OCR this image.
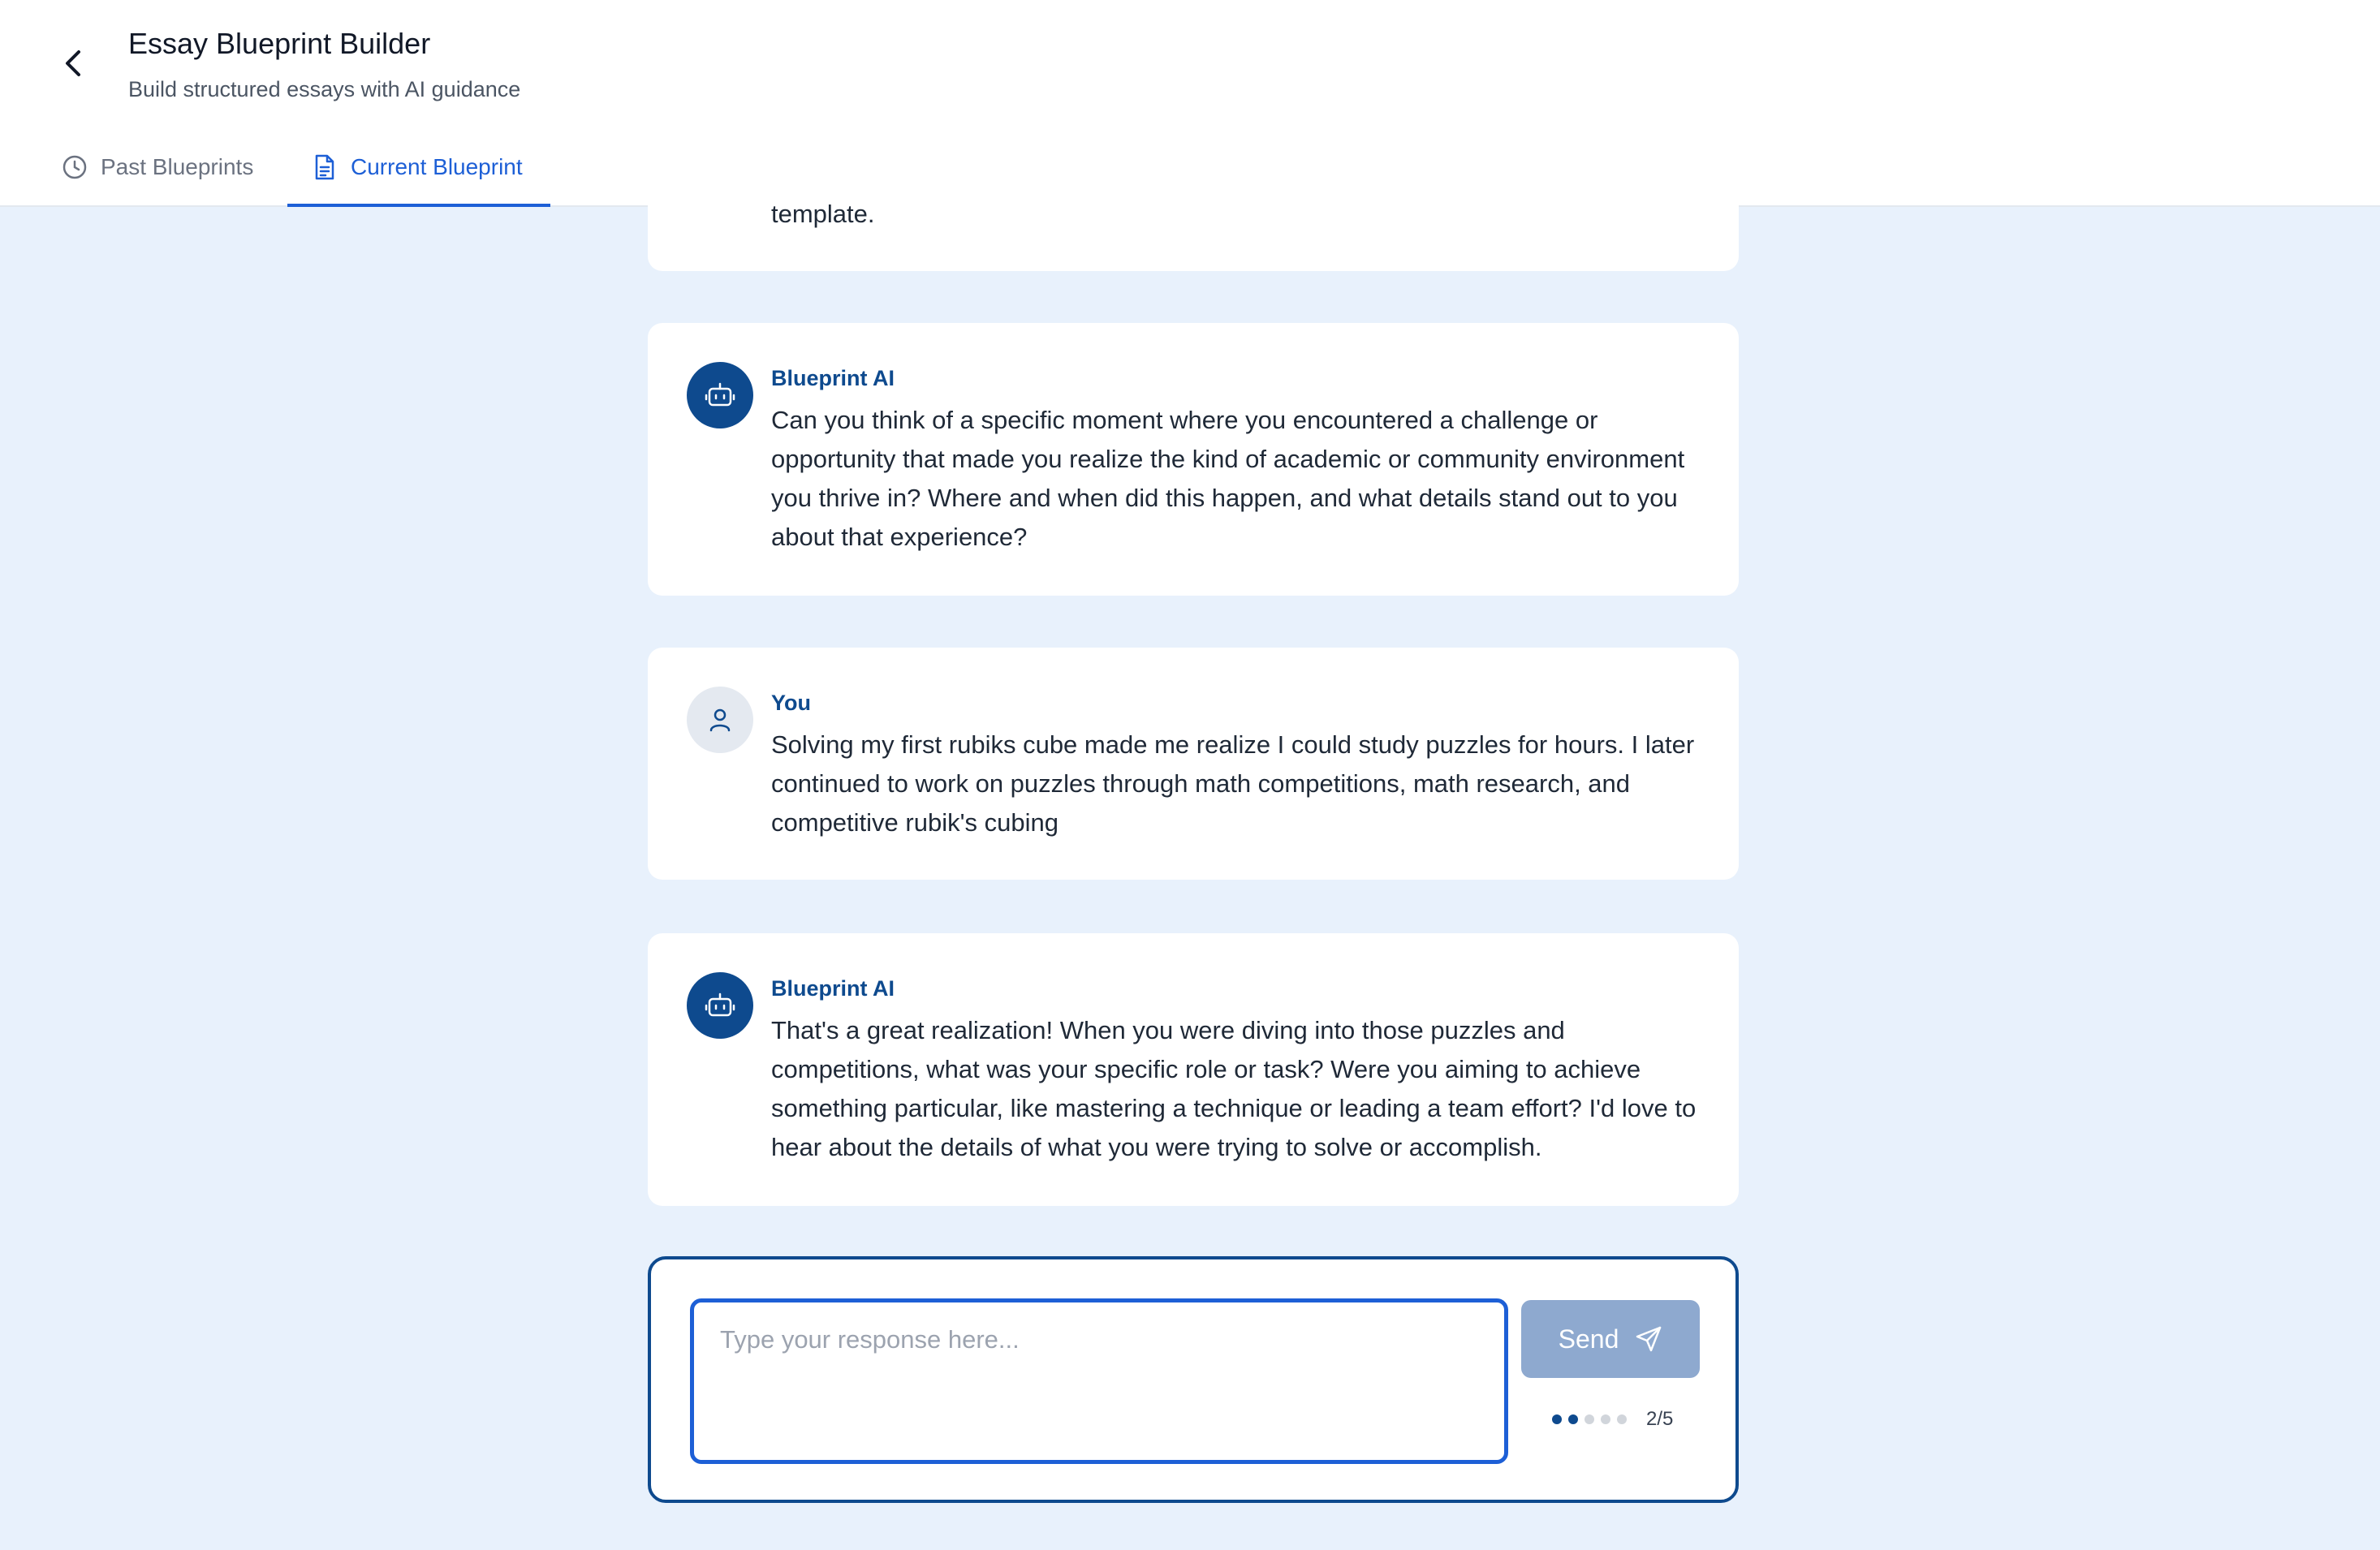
Essay Blueprint Builder
Build structured essays with AI guidance
Past Blueprints	Current Blueprint
template.
Blueprint AI
Can you think of a specific moment where you encountered a challenge or opportunity that made you realize the kind of academic or community environment you thrive in? Where and when did this happen, and what details stand out to you about that experience?
You
Solving my first rubiks cube made me realize I could study puzzles for hours. I later continued to work on puzzles through math competitions, math research, and competitive rubik's cubing
Blueprint AI
That's a great realization! When you were diving into those puzzles and competitions, what was your specific role or task? Were you aiming to achieve something particular, like mastering a technique or leading a team effort? I'd love to hear about the details of what you were trying to solve or accomplish.
Type your response here...
Send
2/5
